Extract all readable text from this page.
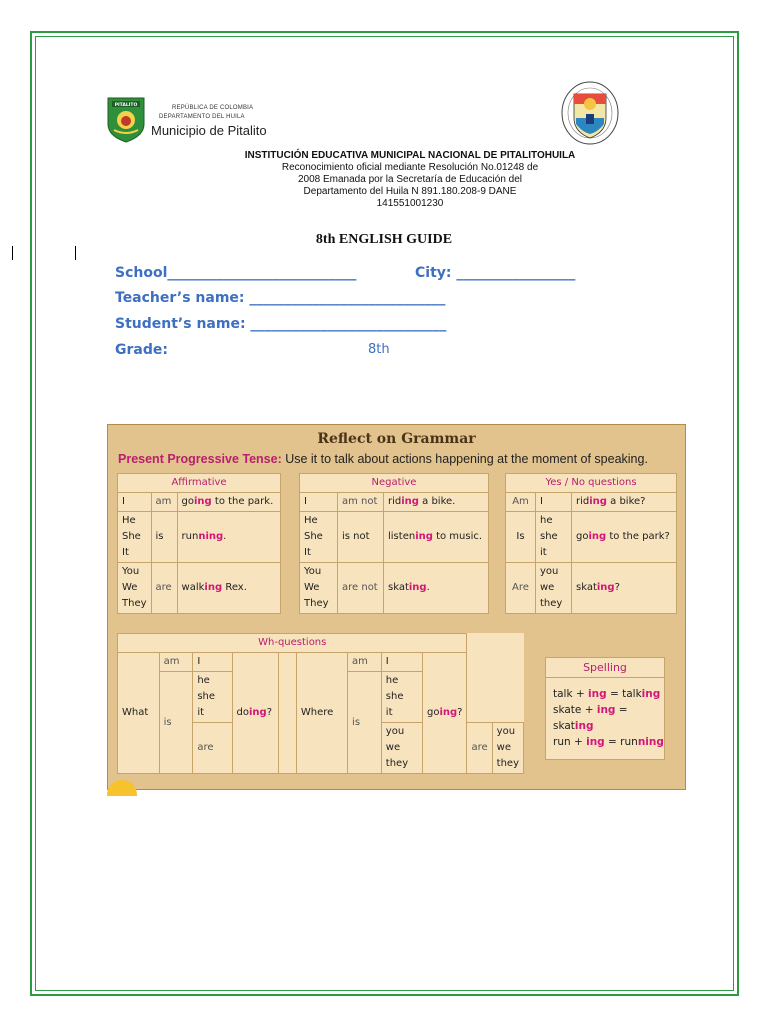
PITALITO	REPÚBLICA DE COLOMBIA
DEPARTAMENTO DEL HUILA
Municipio de Pitalito
INSTITUCIÓN EDUCATIVA MUNICIPAL NACIONAL DE PITALITOHUILA
Reconocimiento oficial mediante Resolución No.01248 de
2008 Emanada por la Secretaría de Educación del
Departamento del Huila N 891.180.208-9 DANE
141551001230
8th ENGLISH GUIDE
School___________________________	City: _________________
Teacher’s name: ____________________________
Student’s name: ____________________________
Grade:	8th
Reflect on Grammar
Present Progressive Tense: Use it to talk about actions happening at the moment of speaking.
Affirmative		
I	am	going to the park.
He
She
It	is	running.
You
We
They	are	walking Rex.
Negative		
I	am not	riding a bike.
He
She
It	is not	listening to music.
You
We
They	are not	skating.
Yes / No questions		
Am	I	riding a bike?
Is	he
she
it	going to the park?
Are	you
we
they	skating?
Wh-questions										
What	am	I	doing?		Where	am	I	going?		
	is	he
she
it				is	he
she
it			
		are					you
we
they		are	you
we
they
Spelling
talk + ing = talking
skate + ing = skating
run + ing = running
